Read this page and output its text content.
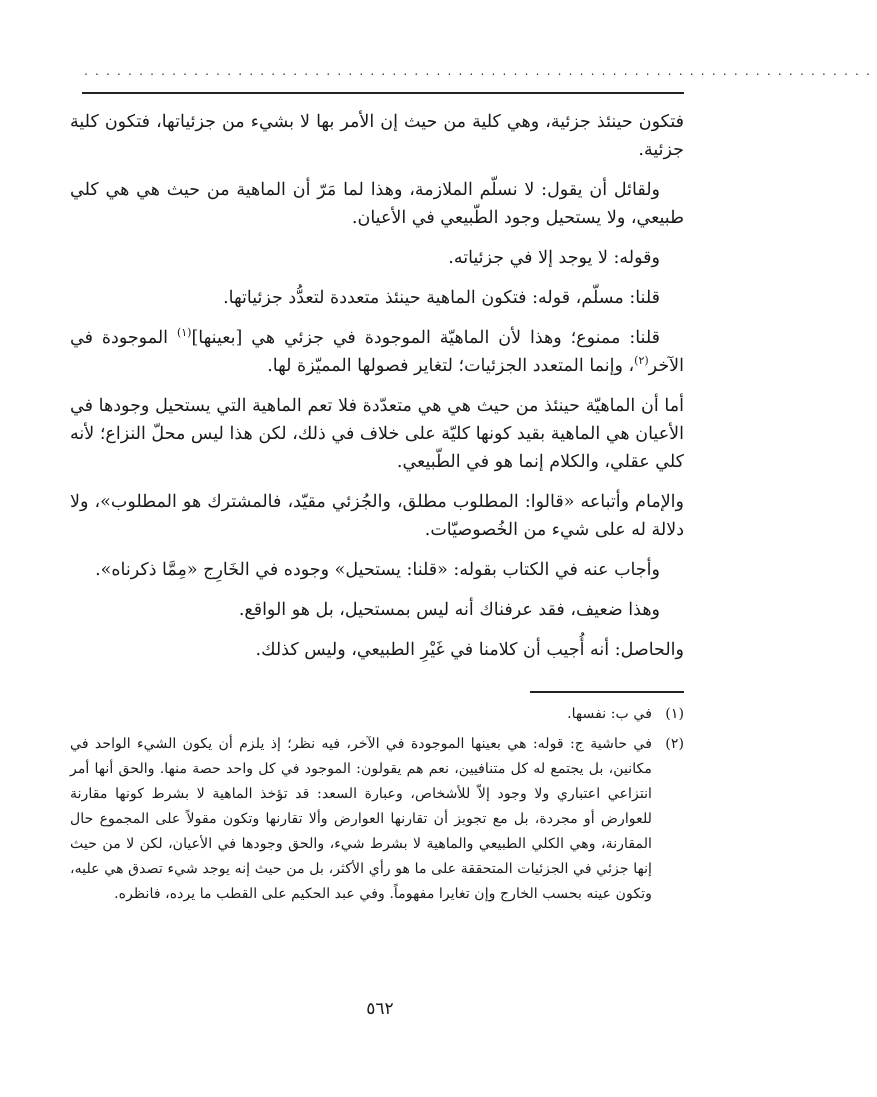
........................................................................

فتكون حينئذ جزئية، وهي كلية من حيث إن الأمر بها لا بشيء من جزئياتها، فتكون كلية جزئية.

ولقائل أن يقول: لا نسلّم الملازمة، وهذا لما مَرّ أن الماهية من حيث هي هي كلي طبيعي، ولا يستحيل وجود الطّبيعي في الأعيان.

وقوله: لا يوجد إلا في جزئياته.

قلنا: مسلّم، قوله: فتكون الماهية حينئذ متعددة لتعدُّد جزئياتها.

قلنا: ممنوع؛ وهذا لأن الماهيّة الموجودة في جزئي هي [بعينها]$^{(١)}$ الموجودة في الآخر$^{(٢)}$، وإنما المتعدد الجزئيات؛ لتغاير فصولها المميّزة لها.

أما أن الماهيّة حينئذ من حيث هي هي متعدّدة فلا تعم الماهية التي يستحيل وجودها في الأعيان هي الماهية بقيد كونها كليّة على خلاف في ذلك، لكن هذا ليس محلّ النزاع؛ لأنه كلي عقلي، والكلام إنما هو في الطّبيعي.

والإمام وأتباعه «قالوا: المطلوب مطلق، والجُزئي مقيّد، فالمشترك هو المطلوب»، ولا دلالة له على شيء من الخُصوصيّات.

وأجاب عنه في الكتاب بقوله: «قلنا: يستحيل» وجوده في الخَارِج «مِمَّا ذكرناه».

وهذا ضعيف، فقد عرفناك أنه ليس بمستحيل، بل هو الواقع.

والحاصل: أنه أُجيب أن كلامنا في غَيْرِ الطبيعي، وليس كذلك.

(١)
في ب: نفسها.
(٢)
في حاشية ج: قوله: هي بعينها الموجودة في الآخر، فيه نظر؛ إذ يلزم أن يكون الشيء الواحد في مكانين، بل يجتمع له كل متنافيين، نعم هم يقولون: الموجود في كل واحد حصة منها. والحق أنها أمر انتزاعي اعتباري ولا وجود إلاّ للأشخاص، وعبارة السعد: قد تؤخذ الماهية لا بشرط كونها مقارنة للعوارض أو مجردة، بل مع تجويز أن تقارنها العوارض وألا تقارنها وتكون مقولاً على المجموع حال المقارنة، وهي الكلي الطبيعي والماهية لا بشرط شيء، والحق وجودها في الأعيان، لكن لا من حيث إنها جزئي في الجزئيات المتحققة على ما هو رأي الأكثر، بل من حيث إنه يوجد شيء تصدق هي عليه، وتكون عينه بحسب الخارج وإن تغايرا مفهوماً. وفي عبد الحكيم على القطب ما يرده، فانظره.
٥٦٢
